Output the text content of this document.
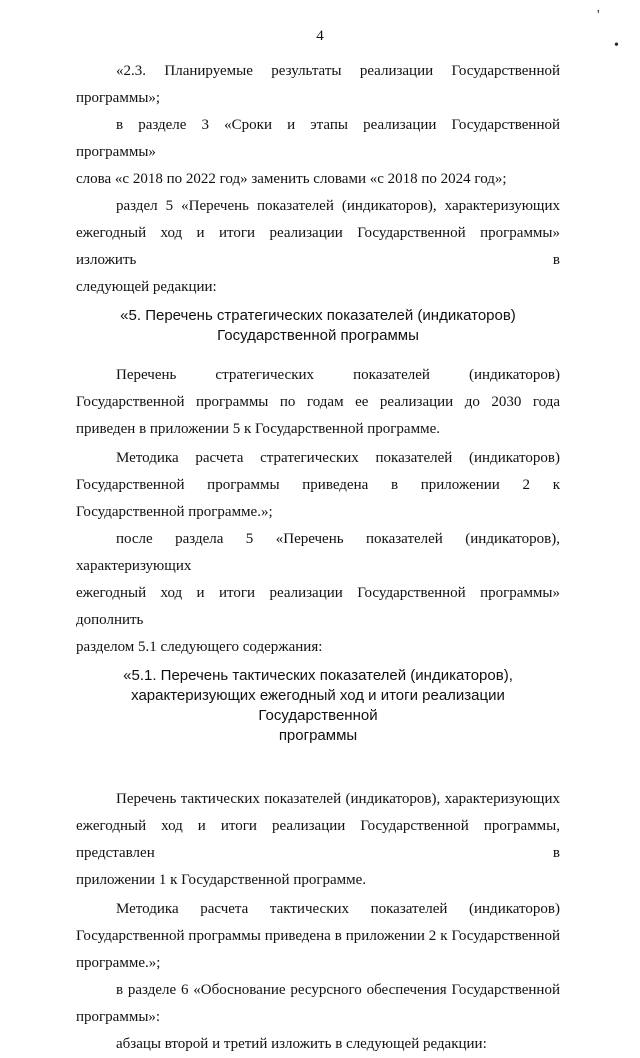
4
'
•

«2.3. Планируемые результаты реализации Государственной программы»;

в разделе 3 «Сроки и этапы реализации Государственной программы»

слова «с 2018 по 2022 год» заменить словами «с 2018 по 2024 год»;

раздел 5 «Перечень показателей (индикаторов), характеризующих

ежегодный ход и итоги реализации Государственной программы» изложить в

следующей редакции:

«5. Перечень стратегических показателей (индикаторов)
Государственной программы

Перечень стратегических показателей (индикаторов)

Государственной программы по годам ее реализации до 2030 года

приведен в приложении 5 к Государственной программе.

Методика расчета стратегических показателей (индикаторов)

Государственной программы приведена в приложении 2 к

Государственной программе.»;

после раздела 5 «Перечень показателей (индикаторов), характеризующих

ежегодный ход и итоги реализации Государственной программы» дополнить

разделом 5.1 следующего содержания:

«5.1. Перечень тактических показателей (индикаторов),
характеризующих ежегодный ход и итоги реализации Государственной
программы

Перечень тактических показателей (индикаторов), характеризующих

ежегодный ход и итоги реализации Государственной программы, представлен в

приложении 1 к Государственной программе.

Методика расчета тактических показателей (индикаторов)

Государственной программы приведена в приложении 2 к Государственной

программе.»;

в разделе 6 «Обоснование ресурсного обеспечения Государственной

программы»:

абзацы второй и третий изложить в следующей редакции:
